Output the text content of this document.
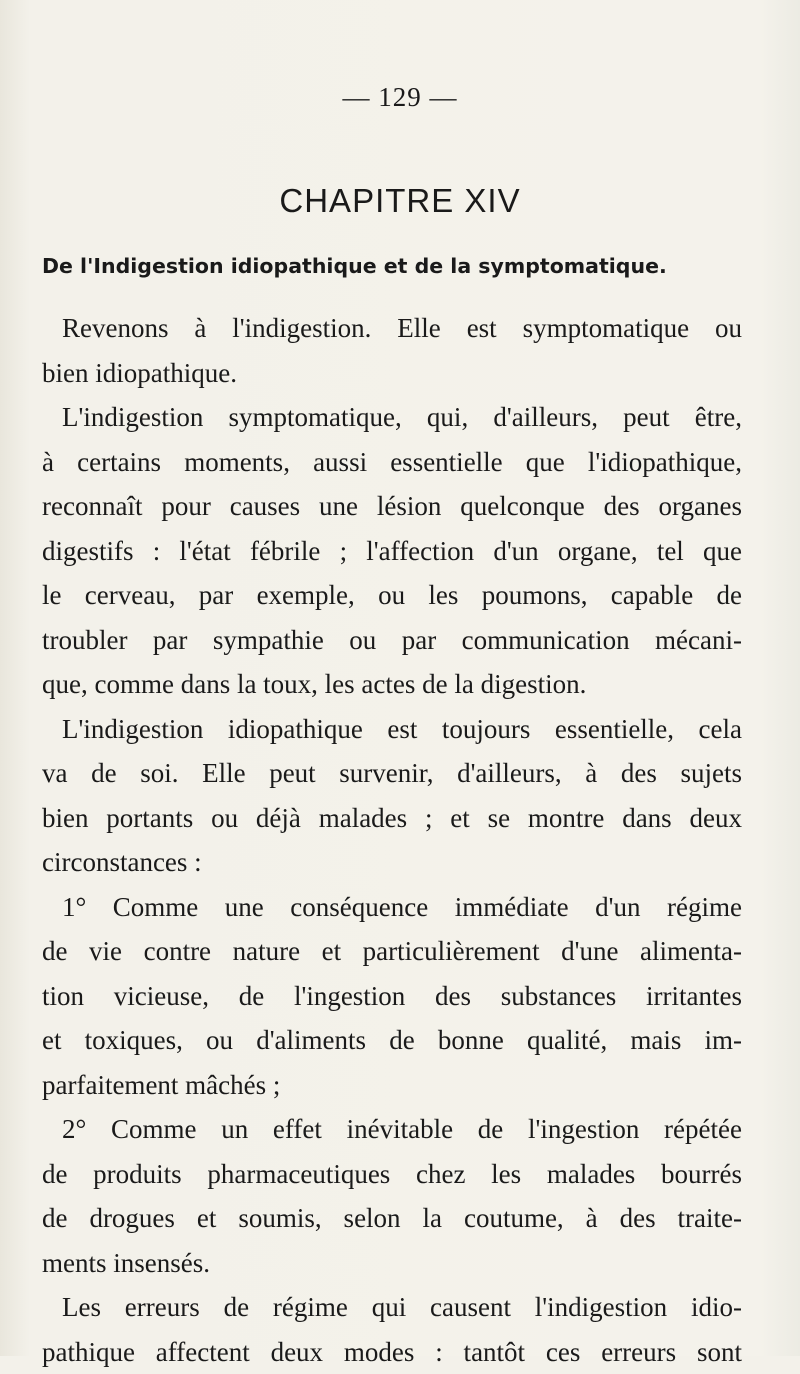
— 129 —
CHAPITRE XIV
De l'Indigestion idiopathique et de la symptomatique.
Revenons à l'indigestion. Elle est symptomatique ou
bien idiopathique.
L'indigestion symptomatique, qui, d'ailleurs, peut être,
à certains moments, aussi essentielle que l'idiopathique,
reconnaît pour causes une lésion quelconque des organes
digestifs : l'état fébrile ; l'affection d'un organe, tel que
le cerveau, par exemple, ou les poumons, capable de
troubler par sympathie ou par communication mécani-
que, comme dans la toux, les actes de la digestion.
L'indigestion idiopathique est toujours essentielle, cela
va de soi. Elle peut survenir, d'ailleurs, à des sujets
bien portants ou déjà malades ; et se montre dans deux
circonstances :
1° Comme une conséquence immédiate d'un régime
de vie contre nature et particulièrement d'une alimenta-
tion vicieuse, de l'ingestion des substances irritantes
et toxiques, ou d'aliments de bonne qualité, mais im-
parfaitement mâchés ;
2° Comme un effet inévitable de l'ingestion répétée
de produits pharmaceutiques chez les malades bourrés
de drogues et soumis, selon la coutume, à des traite-
ments insensés.
Les erreurs de régime qui causent l'indigestion idio-
pathique affectent deux modes : tantôt ces erreurs sont
